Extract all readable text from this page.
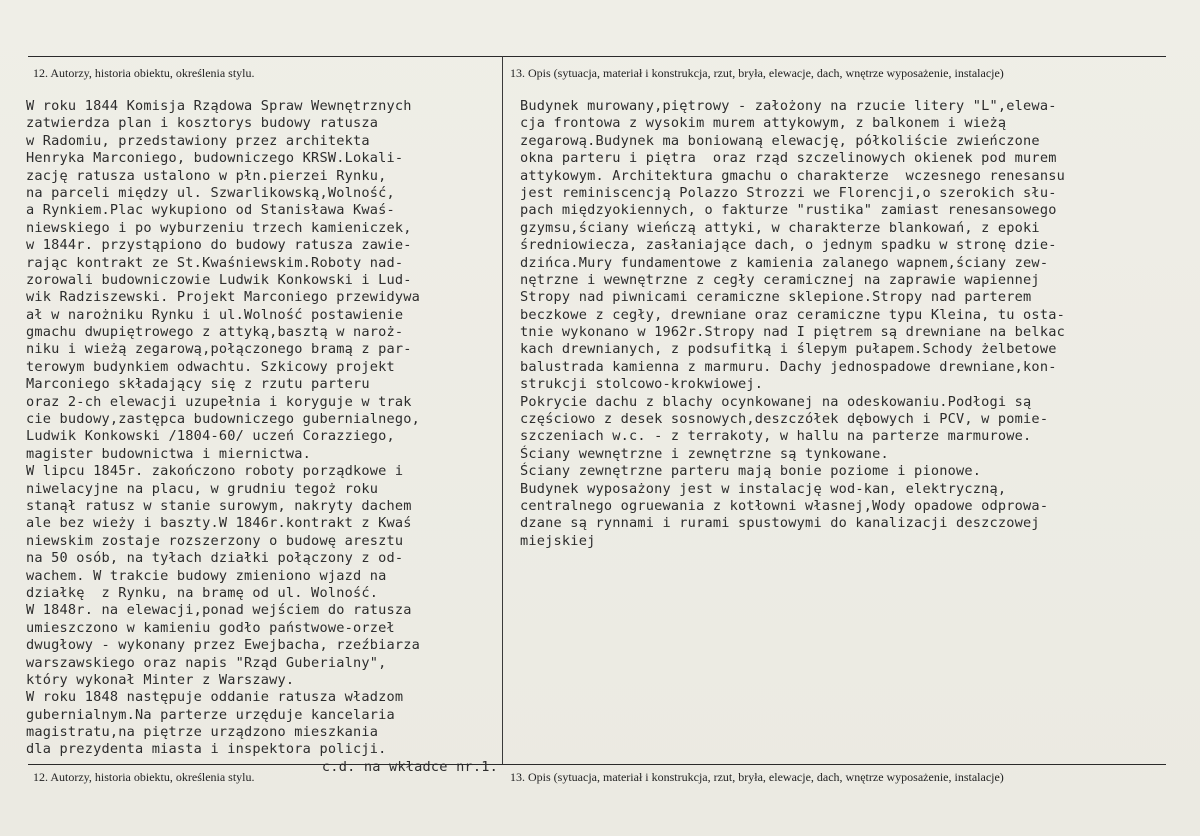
12. Autorzy, historia obiektu, określenia stylu.	13. Opis (sytuacja, materiał i konstrukcja, rzut, bryła, elewacje, dach, wnętrze wyposażenie, instalacje)
W roku 1844 Komisja Rządowa Spraw Wewnętrznych
zatwierdza plan i kosztorys budowy ratusza
w Radomiu, przedstawiony przez architekta
Henryka Marconiego, budowniczego KRSW.Lokali-
zację ratusza ustalono w płn.pierzei Rynku,
na parceli między ul. Szwarlikowską,Wolność,
a Rynkiem.Plac wykupiono od Stanisława Kwaś-
niewskiego i po wyburzeniu trzech kamieniczek,
w 1844r. przystąpiono do budowy ratusza zawie-
rając kontrakt ze St.Kwaśniewskim.Roboty nad-
zorowali budowniczowie Ludwik Konkowski i Lud-
wik Radziszewski. Projekt Marconiego przewidywa
ał w narożniku Rynku i ul.Wolność postawienie
gmachu dwupiętrowego z attyką,basztą w naroż-
niku i wieżą zegarową,połączonego bramą z par-
terowym budynkiem odwachtu. Szkicowy projekt
Marconiego składający się z rzutu parteru
oraz 2-ch elewacji uzupełnia i koryguje w trak
cie budowy,zastępca budowniczego gubernialnego,
Ludwik Konkowski /1804-60/ uczeń Corazziego,
magister budownictwa i miernictwa.
W lipcu 1845r. zakończono roboty porządkowe i
niwelacyjne na placu, w grudniu tegoż roku
stanął ratusz w stanie surowym, nakryty dachem
ale bez wieży i baszty.W 1846r.kontrakt z Kwaś
niewskim zostaje rozszerzony o budowę aresztu
na 50 osób, na tyłach działki połączony z od-
wachem. W trakcie budowy zmieniono wjazd na
działkę  z Rynku, na bramę od ul. Wolność.
W 1848r. na elewacji,ponad wejściem do ratusza
umieszczono w kamieniu godło państwowe-orzeł
dwugłowy - wykonany przez Ewejbacha, rzeźbiarza
warszawskiego oraz napis "Rząd Guberialny",
który wykonał Minter z Warszawy.
W roku 1848 następuje oddanie ratusza władzom
gubernialnym.Na parterze urzęduje kancelaria
magistratu,na piętrze urządzono mieszkania
dla prezydenta miasta i inspektora policji.
c.d. na wkładce nr.1.
Budynek murowany,piętrowy - założony na rzucie litery "L",elewa-
cja frontowa z wysokim murem attykowym, z balkonem i wieżą
zegarową.Budynek ma boniowaną elewację, półkoliście zwieńczone
okna parteru i piętra  oraz rząd szczelinowych okienek pod murem
attykowym. Architektura gmachu o charakterze  wczesnego renesansu
jest reminiscencją Polazzo Strozzi we Florencji,o szerokich słu-
pach międzyokiennych, o fakturze "rustika" zamiast renesansowego
gzymsu,ściany wieńczą attyki, w charakterze blankowań, z epoki
średniowiecza, zasłaniające dach, o jednym spadku w stronę dzie-
dzińca.Mury fundamentowe z kamienia zalanego wapnem,ściany zew-
nętrzne i wewnętrzne z cegły ceramicznej na zaprawie wapiennej
Stropy nad piwnicami ceramiczne sklepione.Stropy nad parterem
beczkowe z cegły, drewniane oraz ceramiczne typu Kleina, tu osta-
tnie wykonano w 1962r.Stropy nad I piętrem są drewniane na belkac
kach drewnianych, z podsufitką i ślepym pułapem.Schody żelbetowe
balustrada kamienna z marmuru. Dachy jednospadowe drewniane,kon-
strukcji stolcowo-krokwiowej.
Pokrycie dachu z blachy ocynkowanej na odeskowaniu.Podłogi są
częściowo z desek sosnowych,deszczółek dębowych i PCV, w pomie-
szczeniach w.c. - z terrakoty, w hallu na parterze marmurowe.
Ściany wewnętrzne i zewnętrzne są tynkowane.
Ściany zewnętrzne parteru mają bonie poziome i pionowe.
Budynek wyposażony jest w instalację wod-kan, elektryczną,
centralnego ogruewania z kotłowni własnej,Wody opadowe odprowa-
dzane są rynnami i rurami spustowymi do kanalizacji deszczowej
miejskiej
12. Autorzy, historia obiektu, określenia stylu.	13. Opis (sytuacja, materiał i konstrukcja, rzut, bryła, elewacje, dach, wnętrze wyposażenie, instalacje)
